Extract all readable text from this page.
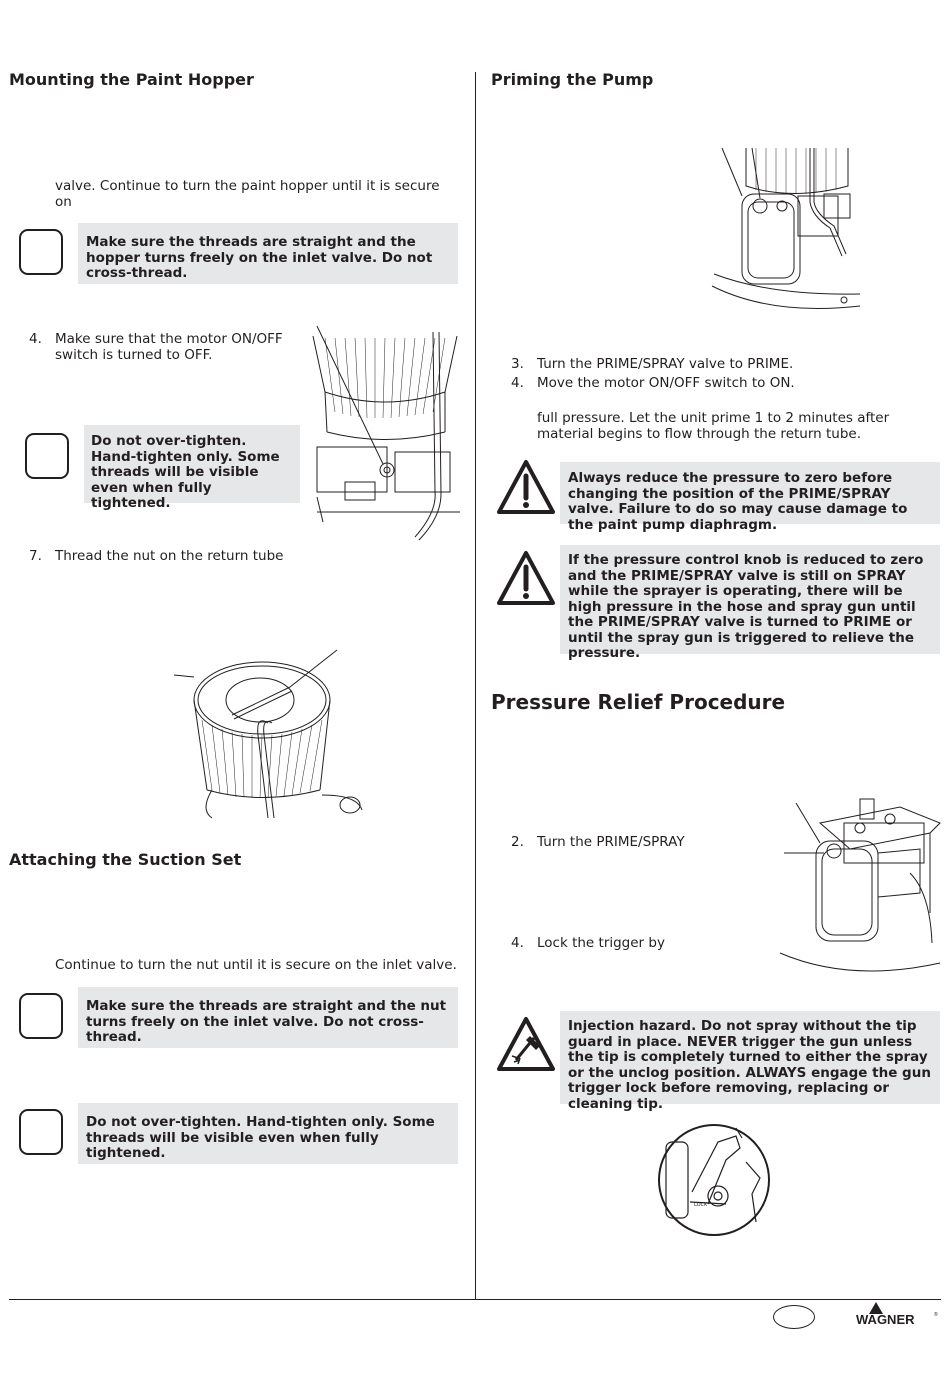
Mounting the Paint Hopper
valve. Continue to turn the paint hopper until it is secure on
Make sure the threads are straight and the hopper turns freely on the inlet valve. Do not cross-thread.
4. Make sure that the motor ON/OFF switch is turned to OFF.
Do not over-tighten. Hand-tighten only. Some threads will be visible even when fully tightened.
7. Thread the nut on the return tube
Attaching the Suction Set
Continue to turn the nut until it is secure on the inlet valve.
Make sure the threads are straight and the nut turns freely on the inlet valve. Do not cross-thread.
Do not over-tighten. Hand-tighten only. Some threads will be visible even when fully tightened.
Priming the Pump
3. Turn the PRIME/SPRAY valve to PRIME.
4. Move the motor ON/OFF switch to ON.
full pressure. Let the unit prime 1 to 2 minutes after material begins to flow through the return tube.
Always reduce the pressure to zero before changing the position of the PRIME/SPRAY valve. Failure to do so may cause damage to the paint pump diaphragm.
If the pressure control knob is reduced to zero and the PRIME/SPRAY valve is still on SPRAY while the sprayer is operating, there will be high pressure in the hose and spray gun until the PRIME/SPRAY valve is turned to PRIME or until the spray gun is triggered to relieve the pressure.
Pressure Relief Procedure
2. Turn the PRIME/SPRAY
4. Lock the trigger by
Injection hazard. Do not spray without the tip guard in place. NEVER trigger the gun unless the tip is completely turned to either the spray or the unclog position. ALWAYS engage the gun trigger lock before removing, replacing or cleaning tip.
LOCK
WAGNER	®
